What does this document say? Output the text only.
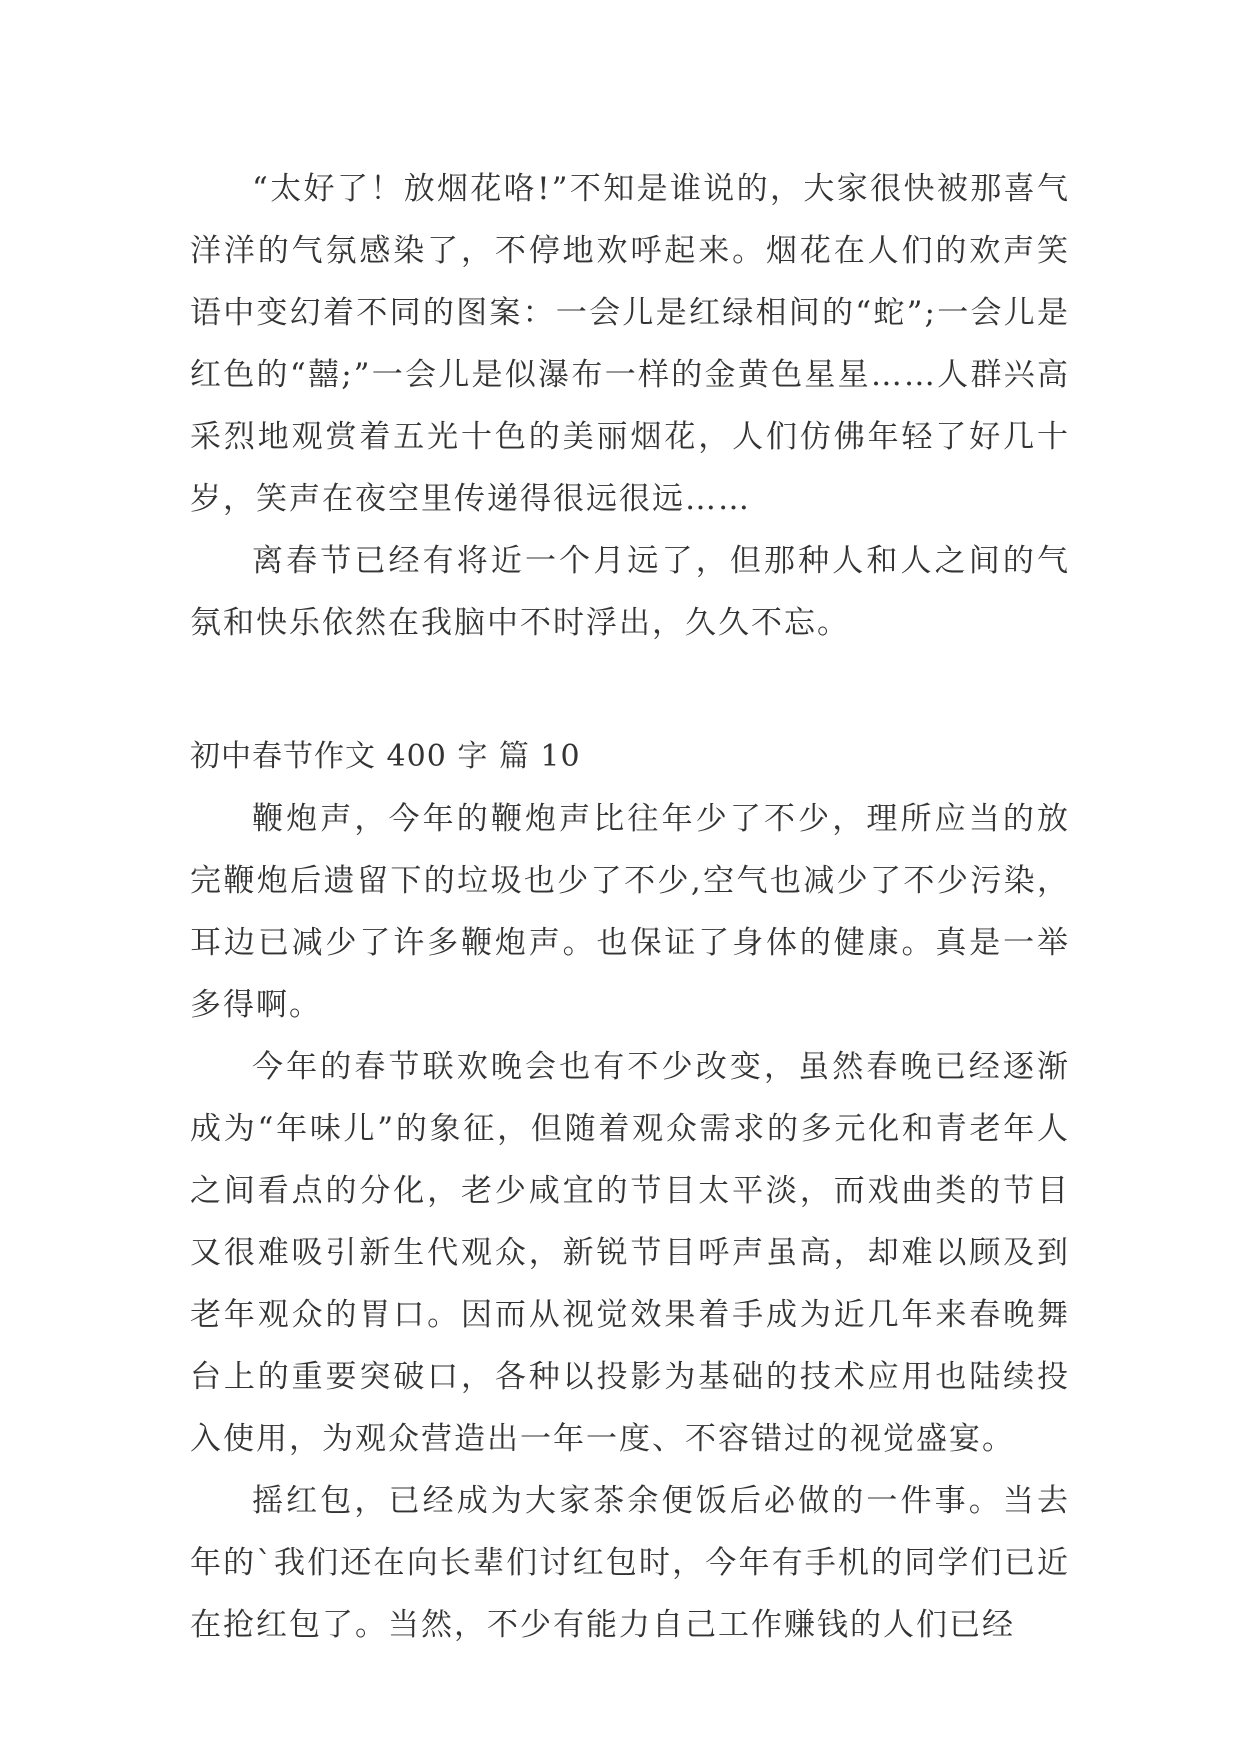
“太好了！放烟花咯!”不知是谁说的，大家很快被那喜气洋洋的气氛感染了，不停地欢呼起来。烟花在人们的欢声笑语中变幻着不同的图案：一会儿是红绿相间的“蛇”;一会儿是红色的“囍;”一会儿是似瀑布一样的金黄色星星……人群兴高采烈地观赏着五光十色的美丽烟花，人们仿佛年轻了好几十岁，笑声在夜空里传递得很远很远……

离春节已经有将近一个月远了，但那种人和人之间的气氛和快乐依然在我脑中不时浮出，久久不忘。

初中春节作文 400 字 篇 10

鞭炮声，今年的鞭炮声比往年少了不少，理所应当的放完鞭炮后遗留下的垃圾也少了不少,空气也减少了不少污染，耳边已减少了许多鞭炮声。也保证了身体的健康。真是一举多得啊。

今年的春节联欢晚会也有不少改变，虽然春晚已经逐渐成为“年味儿”的象征，但随着观众需求的多元化和青老年人之间看点的分化，老少咸宜的节目太平淡，而戏曲类的节目又很难吸引新生代观众，新锐节目呼声虽高，却难以顾及到老年观众的胃口。因而从视觉效果着手成为近几年来春晚舞台上的重要突破口，各种以投影为基础的技术应用也陆续投入使用，为观众营造出一年一度、不容错过的视觉盛宴。

摇红包，已经成为大家茶余便饭后必做的一件事。当去年的`我们还在向长辈们讨红包时，今年有手机的同学们已近在抢红包了。当然，不少有能力自己工作赚钱的人们已经
